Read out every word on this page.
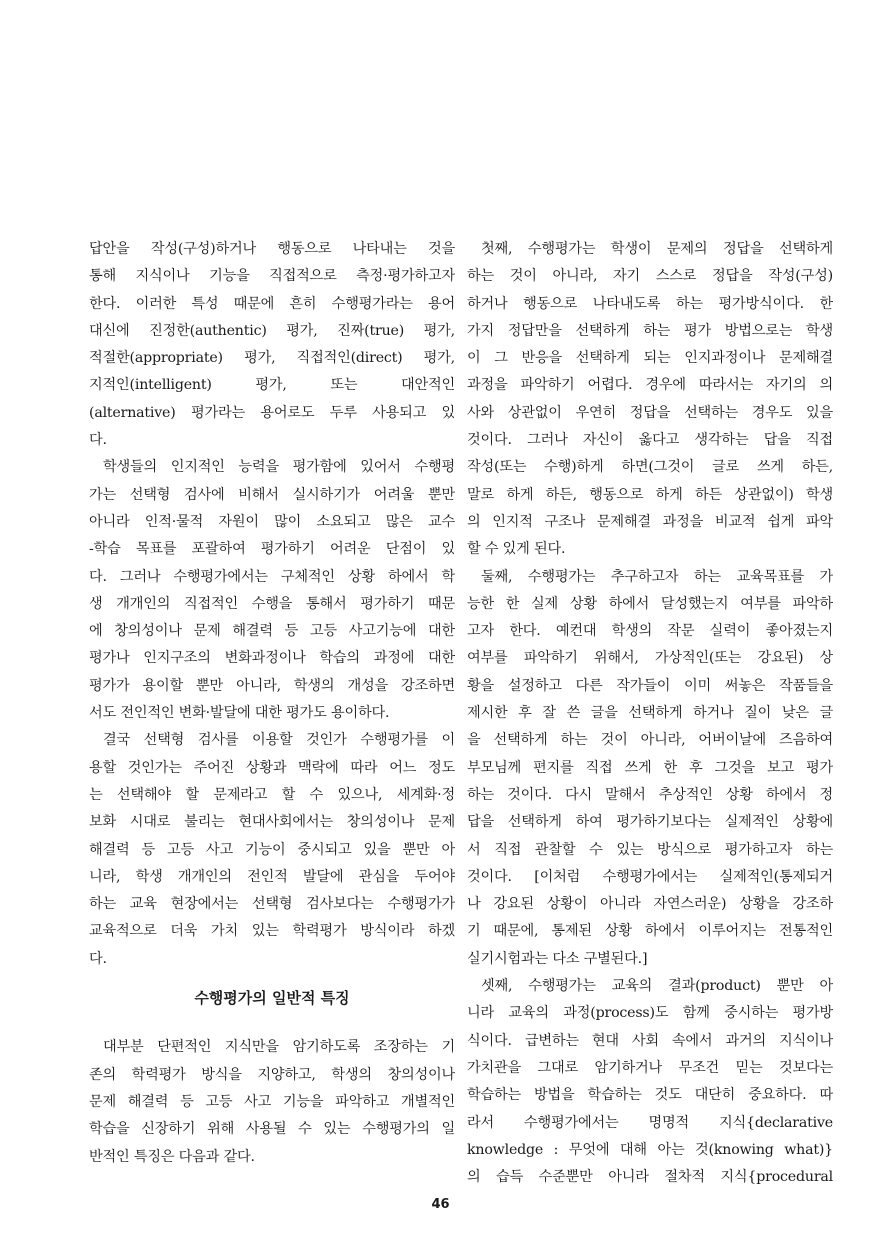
답안을 작성(구성)하거나 행동으로 나타내는 것을
통해 지식이나 기능을 직접적으로 측정·평가하고자
한다. 이러한 특성 때문에 흔히 수행평가라는 용어
대신에 진정한(authentic) 평가, 진짜(true) 평가,
적절한(appropriate) 평가, 직접적인(direct) 평가,
지적인(intelligent) 평가, 또는 대안적인
(alternative) 평가라는 용어로도 두루 사용되고 있
다.
학생들의 인지적인 능력을 평가함에 있어서 수행평
가는 선택형 검사에 비해서 실시하기가 어려울 뿐만
아니라 인적·물적 자원이 많이 소요되고 많은 교수
-학습 목표를 포괄하여 평가하기 어려운 단점이 있
다. 그러나 수행평가에서는 구체적인 상황 하에서 학
생 개개인의 직접적인 수행을 통해서 평가하기 때문
에 창의성이나 문제 해결력 등 고등 사고기능에 대한
평가나 인지구조의 변화과정이나 학습의 과정에 대한
평가가 용이할 뿐만 아니라, 학생의 개성을 강조하면
서도 전인적인 변화·발달에 대한 평가도 용이하다.
결국 선택형 검사를 이용할 것인가 수행평가를 이
용할 것인가는 주어진 상황과 맥락에 따라 어느 정도
는 선택해야 할 문제라고 할 수 있으나, 세계화·정
보화 시대로 불리는 현대사회에서는 창의성이나 문제
해결력 등 고등 사고 기능이 중시되고 있을 뿐만 아
니라, 학생 개개인의 전인적 발달에 관심을 두어야
하는 교육 현장에서는 선택형 검사보다는 수행평가가
교육적으로 더욱 가치 있는 학력평가 방식이라 하겠
다.
수행평가의 일반적 특징
대부분 단편적인 지식만을 암기하도록 조장하는 기
존의 학력평가 방식을 지양하고, 학생의 창의성이나
문제 해결력 등 고등 사고 기능을 파악하고 개별적인
학습을 신장하기 위해 사용될 수 있는 수행평가의 일
반적인 특징은 다음과 같다.
첫째, 수행평가는 학생이 문제의 정답을 선택하게
하는 것이 아니라, 자기 스스로 정답을 작성(구성)
하거나 행동으로 나타내도록 하는 평가방식이다. 한
가지 정답만을 선택하게 하는 평가 방법으로는 학생
이 그 반응을 선택하게 되는 인지과정이나 문제해결
과정을 파악하기 어렵다. 경우에 따라서는 자기의 의
사와 상관없이 우연히 정답을 선택하는 경우도 있을
것이다. 그러나 자신이 옳다고 생각하는 답을 직접
작성(또는 수행)하게 하면(그것이 글로 쓰게 하든,
말로 하게 하든, 행동으로 하게 하든 상관없이) 학생
의 인지적 구조나 문제해결 과정을 비교적 쉽게 파악
할 수 있게 된다.
둘째, 수행평가는 추구하고자 하는 교육목표를 가
능한 한 실제 상황 하에서 달성했는지 여부를 파악하
고자 한다. 예컨대 학생의 작문 실력이 좋아졌는지
여부를 파악하기 위해서, 가상적인(또는 강요된) 상
황을 설정하고 다른 작가들이 이미 써놓은 작품들을
제시한 후 잘 쓴 글을 선택하게 하거나 질이 낮은 글
을 선택하게 하는 것이 아니라, 어버이날에 즈음하여
부모님께 편지를 직접 쓰게 한 후 그것을 보고 평가
하는 것이다. 다시 말해서 추상적인 상황 하에서 정
답을 선택하게 하여 평가하기보다는 실제적인 상황에
서 직접 관찰할 수 있는 방식으로 평가하고자 하는
것이다. [이처럼 수행평가에서는 실제적인(통제되거
나 강요된 상황이 아니라 자연스러운) 상황을 강조하
기 때문에, 통제된 상황 하에서 이루어지는 전통적인
실기시험과는 다소 구별된다.]
셋째, 수행평가는 교육의 결과(product) 뿐만 아
니라 교육의 과정(process)도 함께 중시하는 평가방
식이다. 급변하는 현대 사회 속에서 과거의 지식이나
가치관을 그대로 암기하거나 무조건 믿는 것보다는
학습하는 방법을 학습하는 것도 대단히 중요하다. 따
라서 수행평가에서는 명명적 지식{declarative
knowledge : 무엇에 대해 아는 것(knowing what)}
의 습득 수준뿐만 아니라 절차적 지식{procedural
46
